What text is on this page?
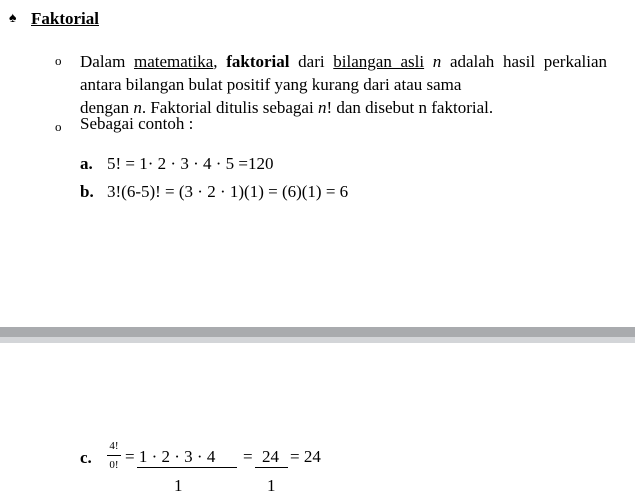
♠ Faktorial
o Dalam matematika, faktorial dari bilangan asli n adalah hasil perkalian antara bilangan bulat positif yang kurang dari atau sama
dengan n. Faktorial ditulis sebagai n! dan disebut n faktorial.
o Sebagai contoh :
a. 5! = 1· 2 · 3 · 4 · 5 =120
b. 3!(6-5)! = (3 · 2 · 1)(1) = (6)(1) = 6
c.
4!
0! = 1 · 2 · 3 · 4
1
= 24
1
= 24
